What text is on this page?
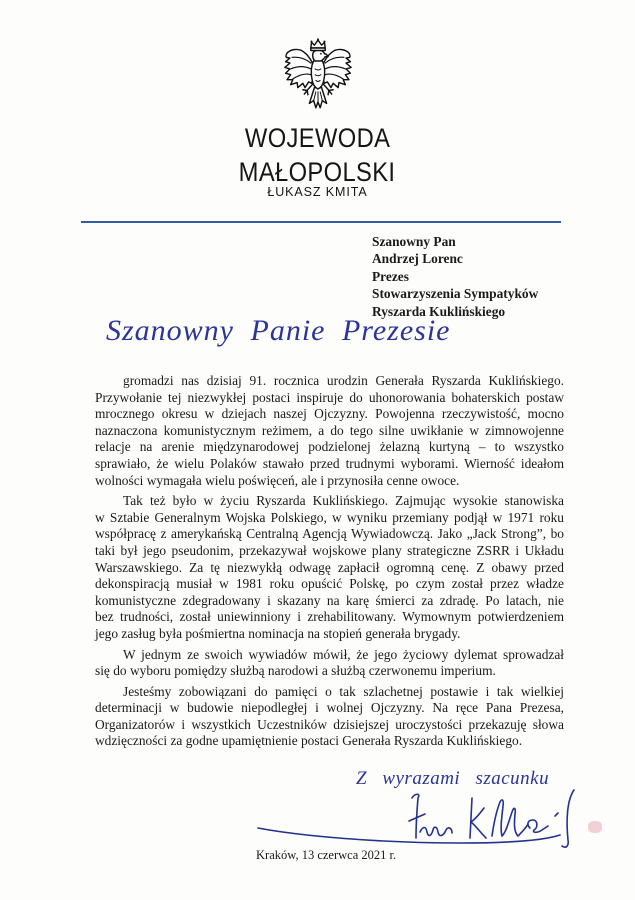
WOJEWODA
MAŁOPOLSKI
ŁUKASZ KMITA
Szanowny Pan
Andrzej Lorenc
Prezes
Stowarzyszenia Sympatyków
Ryszarda Kuklińskiego
Szanowny Panie Prezesie
gromadzi nas dzisiaj 91. rocznica urodzin Generała Ryszarda Kuklińskiego.
Przywołanie tej niezwykłej postaci inspiruje do uhonorowania bohaterskich postaw
mrocznego okresu w dziejach naszej Ojczyzny. Powojenna rzeczywistość, mocno
naznaczona komunistycznym reżimem, a do tego silne uwikłanie w zimnowojenne
relacje na arenie międzynarodowej podzielonej żelazną kurtyną – to wszystko
sprawiało, że wielu Polaków stawało przed trudnymi wyborami. Wierność ideałom
wolności wymagała wielu poświęceń, ale i przynosiła cenne owoce.
Tak też było w życiu Ryszarda Kuklińskiego. Zajmując wysokie stanowiska
w Sztabie Generalnym Wojska Polskiego, w wyniku przemiany podjął w 1971 roku
współpracę z amerykańską Centralną Agencją Wywiadowczą. Jako „Jack Strong”, bo
taki był jego pseudonim, przekazywał wojskowe plany strategiczne ZSRR i Układu
Warszawskiego. Za tę niezwykłą odwagę zapłacił ogromną cenę. Z obawy przed
dekonspiracją musiał w 1981 roku opuścić Polskę, po czym został przez władze
komunistyczne zdegradowany i skazany na karę śmierci za zdradę. Po latach, nie
bez trudności, został uniewinniony i zrehabilitowany. Wymownym potwierdzeniem
jego zasług była pośmiertna nominacja na stopień generała brygady.
W jednym ze swoich wywiadów mówił, że jego życiowy dylemat sprowadzał
się do wyboru pomiędzy służbą narodowi a służbą czerwonemu imperium.
Jesteśmy zobowiązani do pamięci o tak szlachetnej postawie i tak wielkiej
determinacji w budowie niepodległej i wolnej Ojczyzny. Na ręce Pana Prezesa,
Organizatorów i wszystkich Uczestników dzisiejszej uroczystości przekazuję słowa
wdzięczności za godne upamiętnienie postaci Generała Ryszarda Kuklińskiego.
Z wyrazami szacunku
Kraków, 13 czerwca 2021 r.
